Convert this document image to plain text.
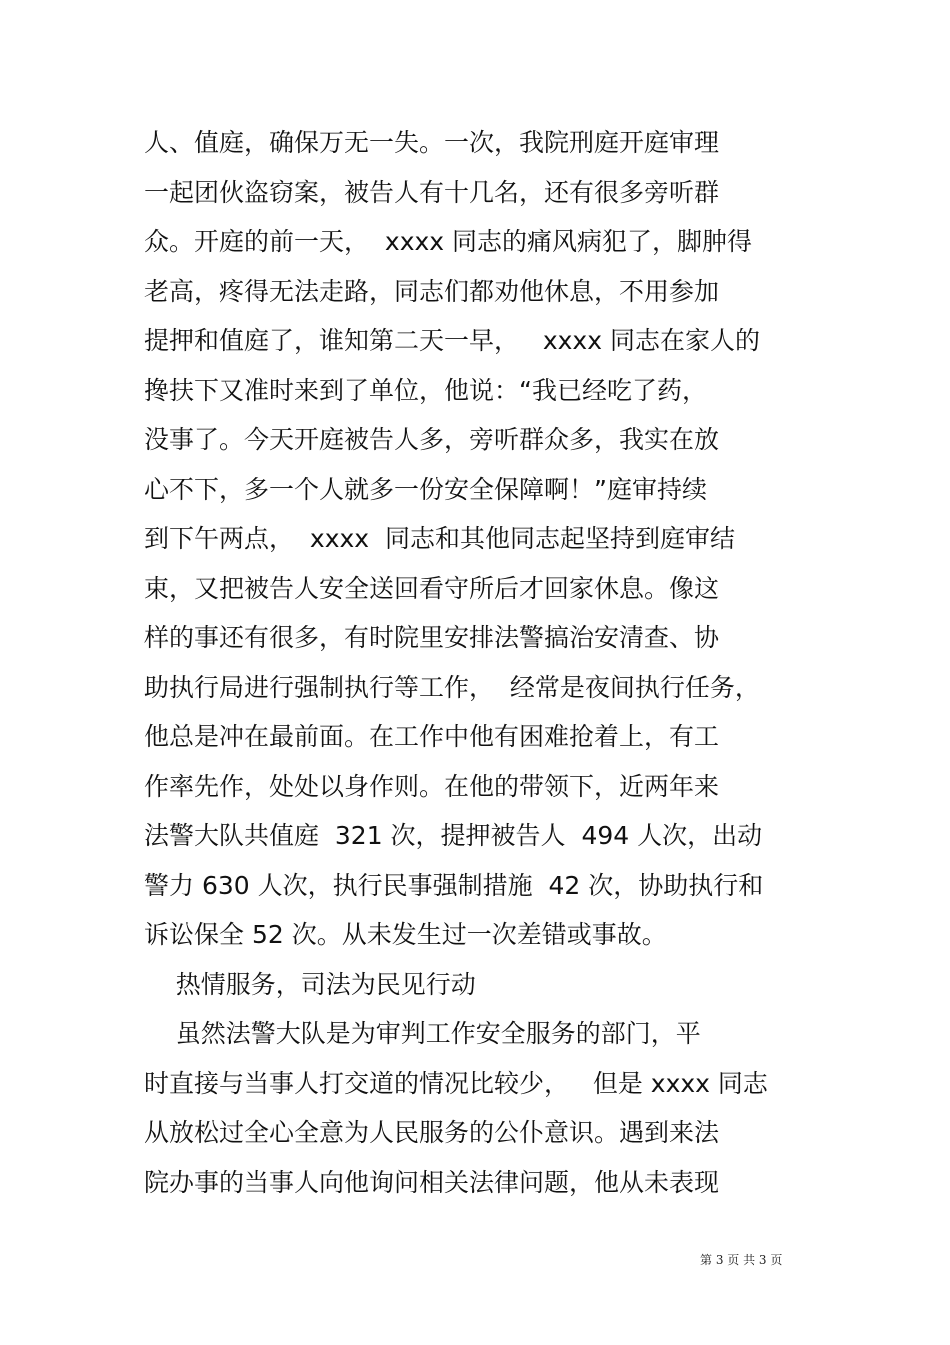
人、值庭，确保万无一失。一次，我院刑庭开庭审理

一起团伙盗窃案，被告人有十几名，还有很多旁听群

众。开庭的前一天，  xxxx 同志的痛风病犯了，脚肿得

老高，疼得无法走路，同志们都劝他休息，不用参加

提押和值庭了，谁知第二天一早，   xxxx 同志在家人的

搀扶下又准时来到了单位，他说：“我已经吃了药，

没事了。今天开庭被告人多，旁听群众多，我实在放

心不下，多一个人就多一份安全保障啊！”庭审持续

到下午两点，  xxxx  同志和其他同志起坚持到庭审结

束，又把被告人安全送回看守所后才回家休息。像这

样的事还有很多，有时院里安排法警搞治安清查、协

助执行局进行强制执行等工作，  经常是夜间执行任务，

他总是冲在最前面。在工作中他有困难抢着上，有工

作率先作，处处以身作则。在他的带领下，近两年来

法警大队共值庭  321 次，提押被告人  494 人次，出动

警力 630 人次，执行民事强制措施  42 次，协助执行和

诉讼保全 52 次。从未发生过一次差错或事故。

热情服务，司法为民见行动

虽然法警大队是为审判工作安全服务的部门，平

时直接与当事人打交道的情况比较少，   但是 xxxx 同志

从放松过全心全意为人民服务的公仆意识。遇到来法

院办事的当事人向他询问相关法律问题，他从未表现

第 3 页 共 3 页
